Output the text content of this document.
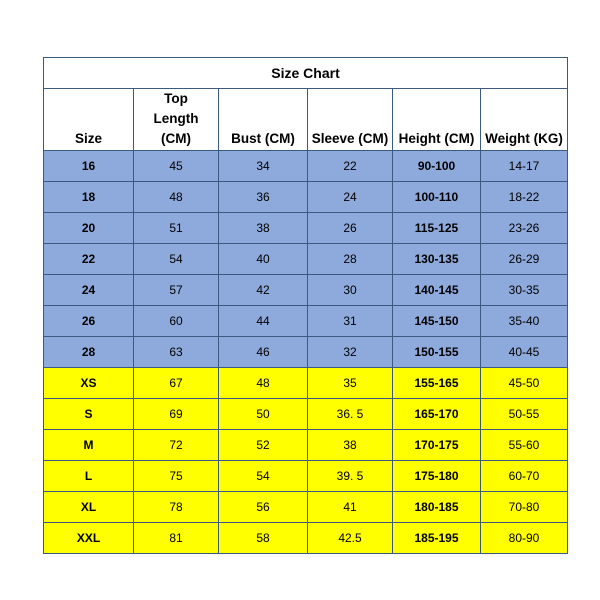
Size Chart					
Size	Top Length (CM)	Bust (CM)	Sleeve (CM)	Height (CM)	Weight (KG)
16	45	34	22	90-100	14-17
18	48	36	24	100-110	18-22
20	51	38	26	115-125	23-26
22	54	40	28	130-135	26-29
24	57	42	30	140-145	30-35
26	60	44	31	145-150	35-40
28	63	46	32	150-155	40-45
XS	67	48	35	155-165	45-50
S	69	50	36. 5	165-170	50-55
M	72	52	38	170-175	55-60
L	75	54	39. 5	175-180	60-70
XL	78	56	41	180-185	70-80
XXL	81	58	42.5	185-195	80-90
